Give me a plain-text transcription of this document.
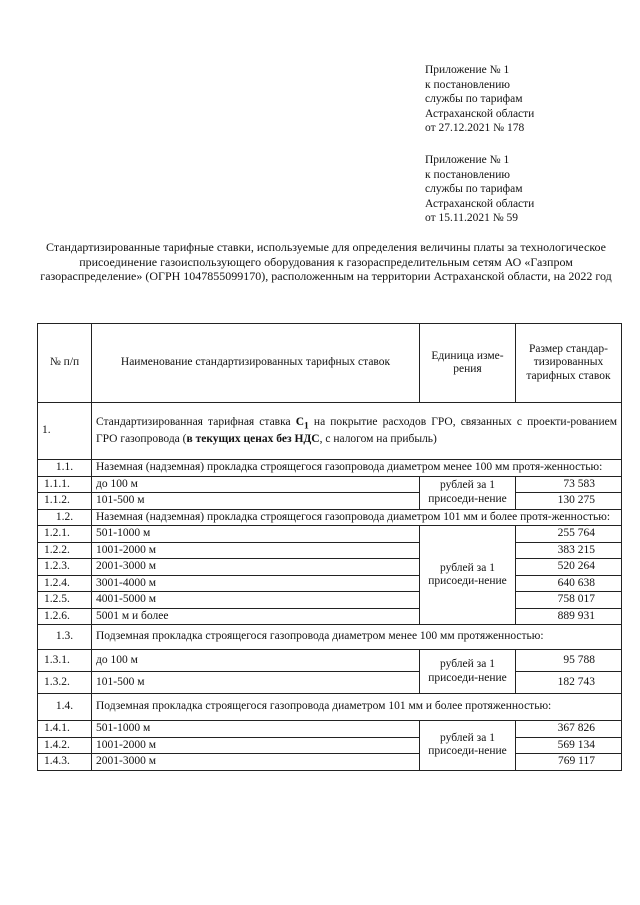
Приложение № 1
к постановлению
службы по тарифам
Астраханской области
от 27.12.2021 № 178
Приложение № 1
к постановлению
службы по тарифам
Астраханской области
от 15.11.2021 № 59
Стандартизированные тарифные ставки, используемые для определения величины платы за технологическое присоединение газоиспользующего оборудования к газораспределительным сетям АО «Газпром газораспределение» (ОГРН 1047855099170), расположенным на территории Астраханской области, на 2022 год
№ п/п	Наименование стандартизированных тарифных ставок	Единица изме-рения	Размер стандар-тизированных тарифных ставок
1.	Стандартизированная тарифная ставка $С_1$ на покрытие расходов ГРО, связанных с проекти-рованием ГРО газопровода (в текущих ценах без НДС, с налогом на прибыль)		
1.1.	Наземная (надземная) прокладка строящегося газопровода диаметром менее 100 мм протя-женностью:		
1.1.1.	до 100 м	рублей за 1 присоеди-нение	73 583
1.1.2.	101-500 м		130 275
1.2.	Наземная (надземная) прокладка строящегося газопровода диаметром 101 мм и более протя-женностью:		
1.2.1.	501-1000 м	рублей за 1 присоеди-нение	255 764
1.2.2.	1001-2000 м		383 215
1.2.3.	2001-3000 м		520 264
1.2.4.	3001-4000 м		640 638
1.2.5.	4001-5000 м		758 017
1.2.6.	5001 м и более		889 931
1.3.	Подземная прокладка строящегося газопровода диаметром менее 100 мм протяженностью:		
1.3.1.	до 100 м	рублей за 1 присоеди-нение	95 788
1.3.2.	101-500 м		182 743
1.4.	Подземная прокладка строящегося газопровода диаметром 101 мм и более протяженностью:		
1.4.1.	501-1000 м	рублей за 1 присоеди-нение	367 826
1.4.2.	1001-2000 м		569 134
1.4.3.	2001-3000 м		769 117
